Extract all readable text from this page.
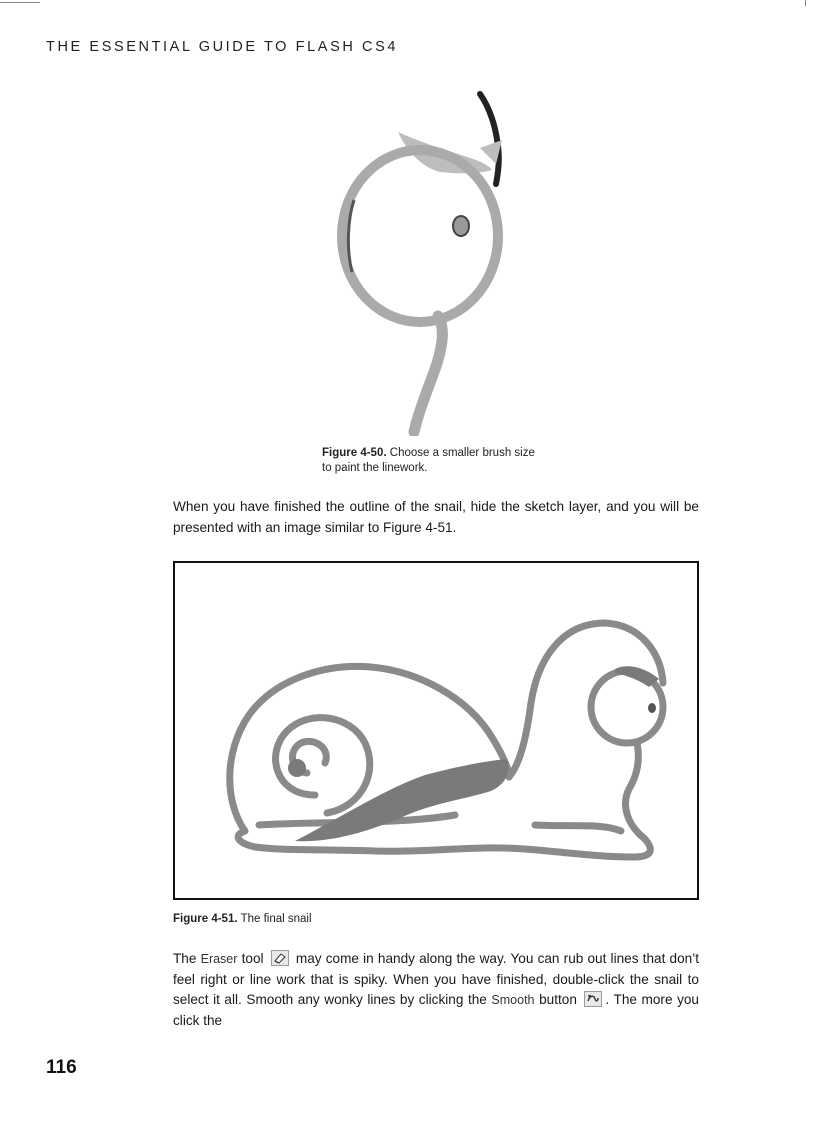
THE ESSENTIAL GUIDE TO FLASH CS4
Figure 4-50. Choose a smaller brush size
to paint the linework.
When you have finished the outline of the snail, hide the sketch layer, and you will be presented with an image similar to Figure 4-51.
Figure 4-51. The final snail
The Eraser tool
may come in handy along the way. You can rub out lines that don’t feel right or line work that is spiky. When you have finished, double-click the snail to select it all. Smooth any wonky lines by clicking the Smooth button
. The more you click the
116
